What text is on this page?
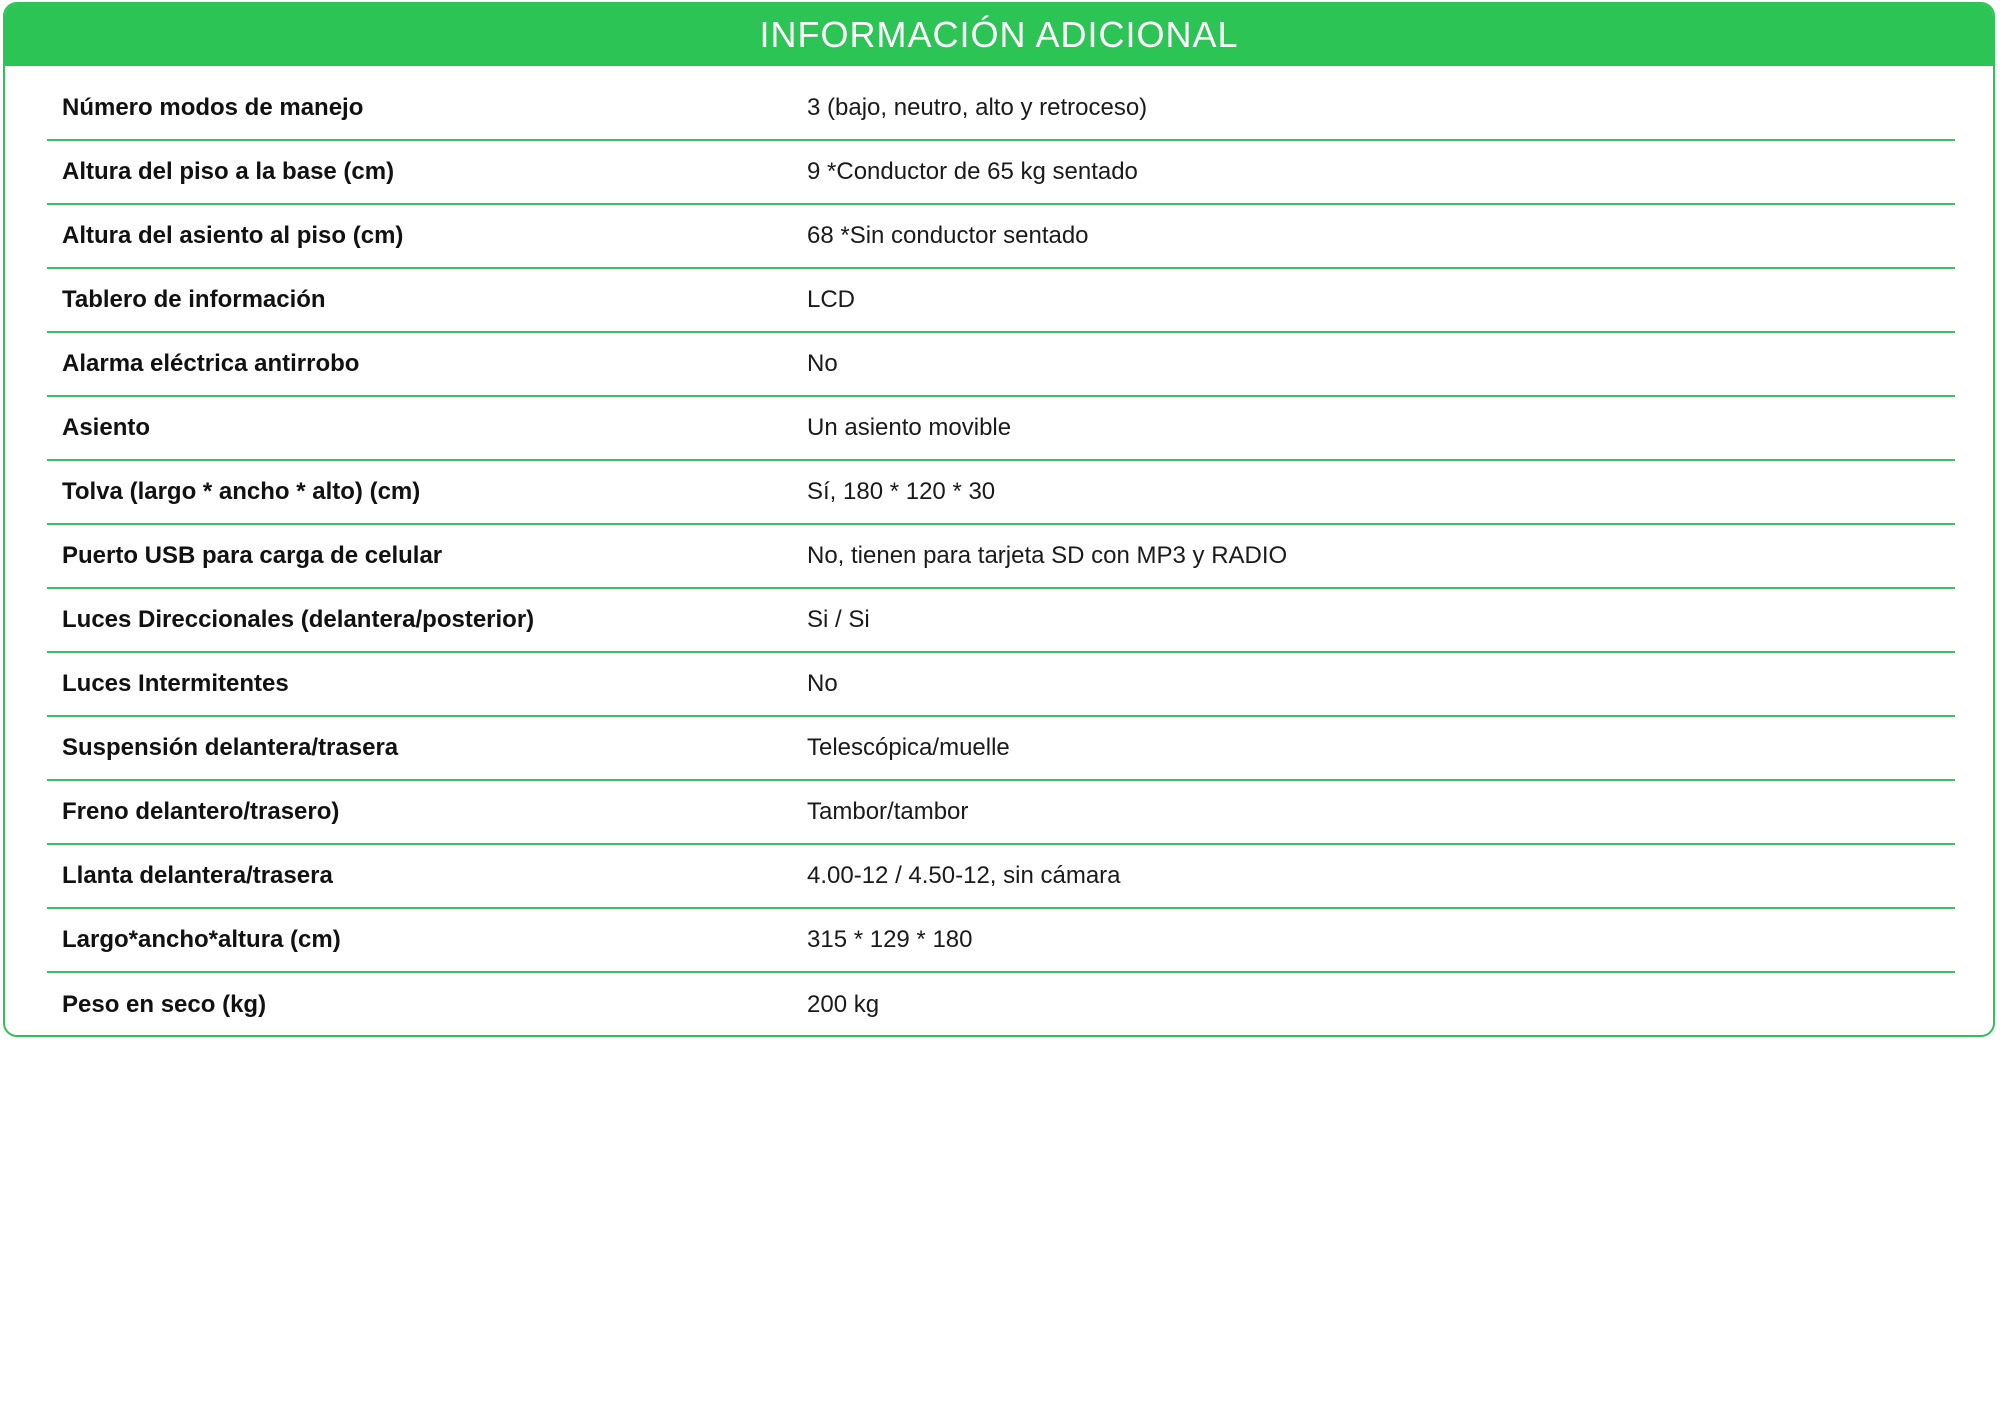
INFORMACIÓN ADICIONAL
Número modos de manejo	3 (bajo, neutro, alto y retroceso)
Altura del piso a la base (cm)	9 *Conductor de 65 kg sentado
Altura del asiento al piso (cm)	68 *Sin conductor sentado
Tablero de información	LCD
Alarma eléctrica antirrobo	No
Asiento	Un asiento movible
Tolva (largo * ancho * alto) (cm)	Sí, 180 * 120 * 30
Puerto USB para carga de celular	No, tienen para tarjeta SD con MP3 y RADIO
Luces Direccionales (delantera/posterior)	Si / Si
Luces Intermitentes	No
Suspensión delantera/trasera	Telescópica/muelle
Freno delantero/trasero)	Tambor/tambor
Llanta delantera/trasera	4.00-12 / 4.50-12, sin cámara
Largo*ancho*altura (cm)	315 * 129 * 180
Peso en seco (kg)	200 kg
